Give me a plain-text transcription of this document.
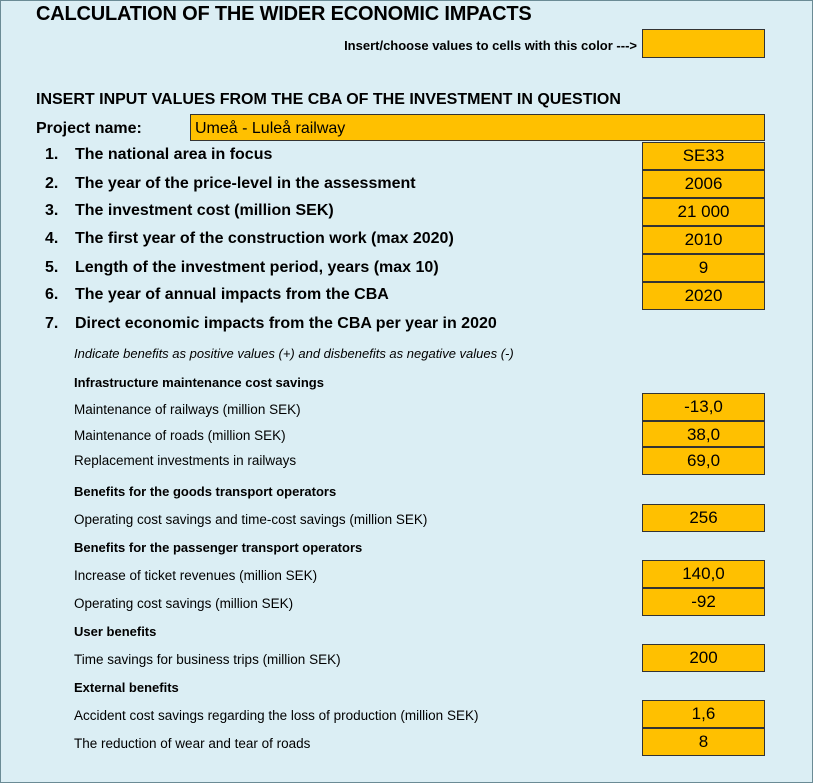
CALCULATION OF THE WIDER ECONOMIC IMPACTS
Insert/choose values to cells with this color --->
INSERT INPUT VALUES FROM THE CBA OF THE INVESTMENT IN QUESTION
Project name:	Umeå - Luleå railway
1. The national area in focus	SE33
2. The year of the price-level in the assessment	2006
3. The investment cost (million SEK)	21 000
4. The first year of the construction work (max 2020)	2010
5. Length of the investment period, years (max 10)	9
6. The year of annual impacts from the CBA	2020
7. Direct economic impacts from the CBA per year in 2020
Indicate benefits as positive values (+) and disbenefits as negative values (-)
Infrastructure maintenance cost savings
Maintenance of railways (million SEK)	-13,0
Maintenance of roads (million SEK)	38,0
Replacement investments in railways	69,0
Benefits for the goods transport operators
Operating cost savings and time-cost savings (million SEK)	256
Benefits for the passenger transport operators
Increase of ticket revenues (million SEK)	140,0
Operating cost savings (million SEK)	-92
User benefits
Time savings for business trips (million SEK)	200
External benefits
Accident cost savings regarding the loss of production (million SEK)	1,6
The reduction of wear and tear of roads	8
